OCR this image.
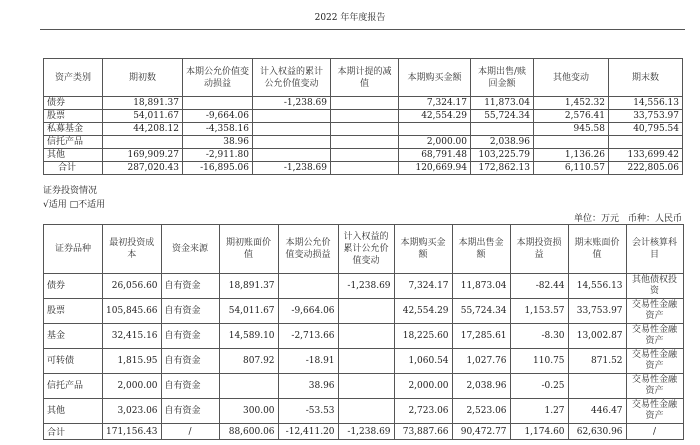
2022 年年度报告
资产类别	期初数	本期公允价值变动损益	计入权益的累计公允价值变动	本期计提的减值	本期购买金额	本期出售/赎回金额	其他变动	期末数
债券	18,891.37		-1,238.69		7,324.17	11,873.04	1,452.32	14,556.13
股票	54,011.67	-9,664.06			42,554.29	55,724.34	2,576.41	33,753.97
私募基金	44,208.12	-4,358.16					945.58	40,795.54
信托产品		38.96			2,000.00	2,038.96		
其他	169,909.27	-2,911.80			68,791.48	103,225.79	1,136.26	133,699.42
合计	287,020.43	-16,895.06	-1,238.69		120,669.94	172,862.13	6,110.57	222,805.06
证券投资情况
√适用 □不适用
单位：万元　币种：人民币
证券品种	最初投资成本	资金来源	期初账面价值	本期公允价值变动损益	计入权益的累计公允价值变动	本期购买金额	本期出售金额	本期投资损益	期末账面价值	会计核算科目
债券	26,056.60	自有资金	18,891.37		-1,238.69	7,324.17	11,873.04	-82.44	14,556.13	其他债权投资
股票	105,845.66	自有资金	54,011.67	-9,664.06		42,554.29	55,724.34	1,153.57	33,753.97	交易性金融资产
基金	32,415.16	自有资金	14,589.10	-2,713.66		18,225.60	17,285.61	-8.30	13,002.87	交易性金融资产
可转债	1,815.95	自有资金	807.92	-18.91		1,060.54	1,027.76	110.75	871.52	交易性金融资产
信托产品	2,000.00	自有资金		38.96		2,000.00	2,038.96	-0.25		交易性金融资产
其他	3,023.06	自有资金	300.00	-53.53		2,723.06	2,523.06	1.27	446.47	交易性金融资产
合计	171,156.43	/	88,600.06	-12,411.20	-1,238.69	73,887.66	90,472.77	1,174.60	62,630.96	/
